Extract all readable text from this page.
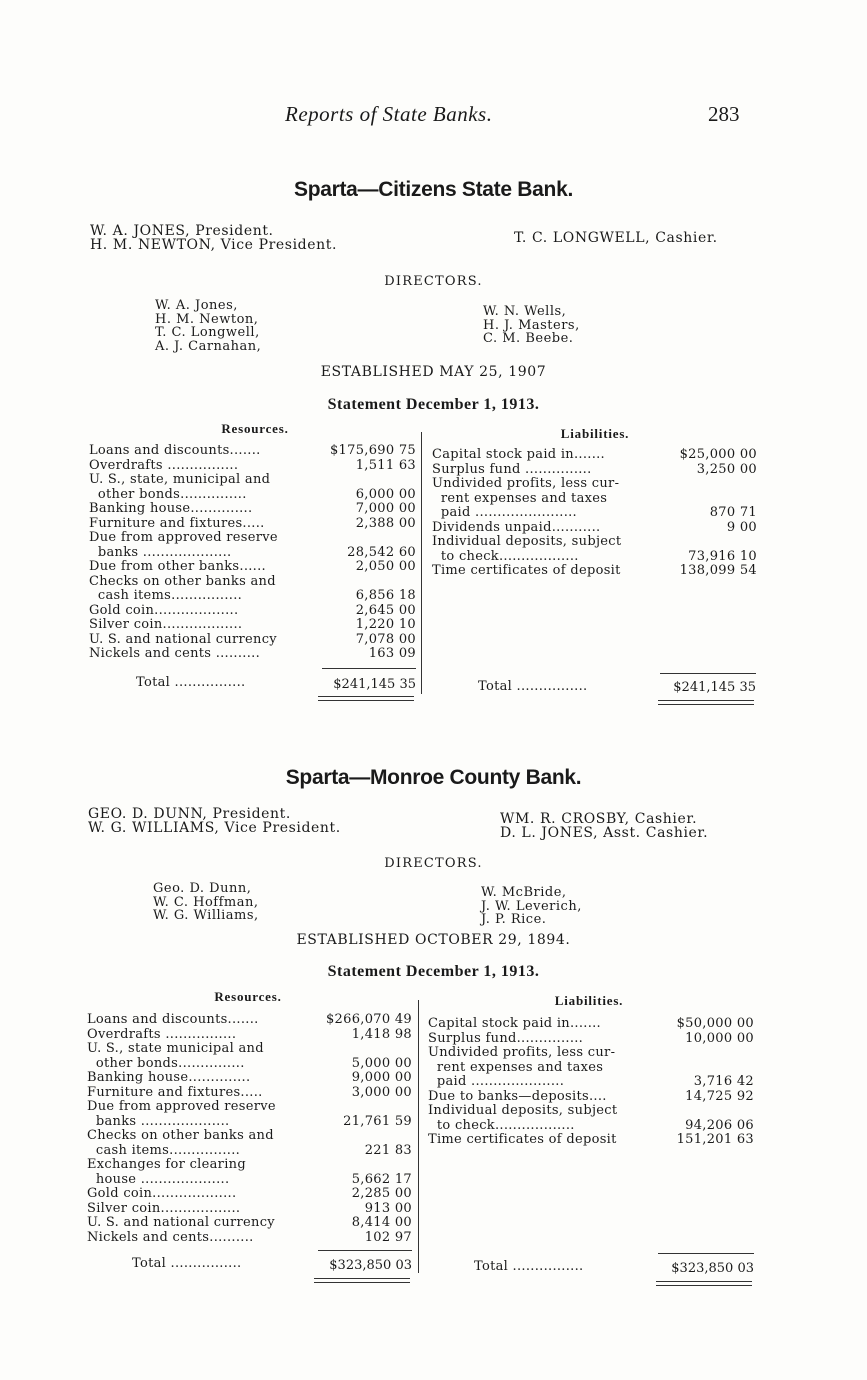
Reports of State Banks.	283
Sparta—Citizens State Bank.
W. A. JONES, President.
H. M. NEWTON, Vice President.	T. C. LONGWELL, Cashier.
DIRECTORS.
W. A. Jones,
H. M. Newton,
T. C. Longwell,
A. J. Carnahan,
W. N. Wells,
H. J. Masters,
C. M. Beebe.
ESTABLISHED MAY 25, 1907
Statement December 1, 1913.
Resources.	Liabilities.
Loans and discounts.......	$175,690 75
Overdrafts ................	1,511 63
U. S., state, municipal and
other bonds...............	6,000 00
Banking house..............	7,000 00
Furniture and fixtures.....	2,388 00
Due from approved reserve
banks ....................	28,542 60
Due from other banks......	2,050 00
Checks on other banks and
cash items................	6,856 18
Gold coin...................	2,645 00
Silver coin..................	1,220 10
U. S. and national currency	7,078 00
Nickels and cents ..........	163 09
Capital stock paid in.......	$25,000 00
Surplus fund ...............	3,250 00
Undivided profits, less cur-
rent expenses and taxes
paid .......................	870 71
Dividends unpaid...........	9 00
Individual deposits, subject
to check..................	73,916 10
Time certificates of deposit	138,099 54
Total ................	$241,145 35	Total ................	$241,145 35
Sparta—Monroe County Bank.
GEO. D. DUNN, President.
W. G. WILLIAMS, Vice President.
WM. R. CROSBY, Cashier.
D. L. JONES, Asst. Cashier.
DIRECTORS.
Geo. D. Dunn,
W. C. Hoffman,
W. G. Williams,
W. McBride,
J. W. Leverich,
J. P. Rice.
ESTABLISHED OCTOBER 29, 1894.
Statement December 1, 1913.
Resources.	Liabilities.
Loans and discounts.......	$266,070 49
Overdrafts ................	1,418 98
U. S., state municipal and
other bonds...............	5,000 00
Banking house..............	9,000 00
Furniture and fixtures.....	3,000 00
Due from approved reserve
banks ....................	21,761 59
Checks on other banks and
cash items................	221 83
Exchanges for clearing
house ....................	5,662 17
Gold coin...................	2,285 00
Silver coin..................	913 00
U. S. and national currency	8,414 00
Nickels and cents..........	102 97
Capital stock paid in.......	$50,000 00
Surplus fund...............	10,000 00
Undivided profits, less cur-
rent expenses and taxes
paid .....................	3,716 42
Due to banks—deposits....	14,725 92
Individual deposits, subject
to check..................	94,206 06
Time certificates of deposit	151,201 63
Total ................	$323,850 03	Total ................	$323,850 03
